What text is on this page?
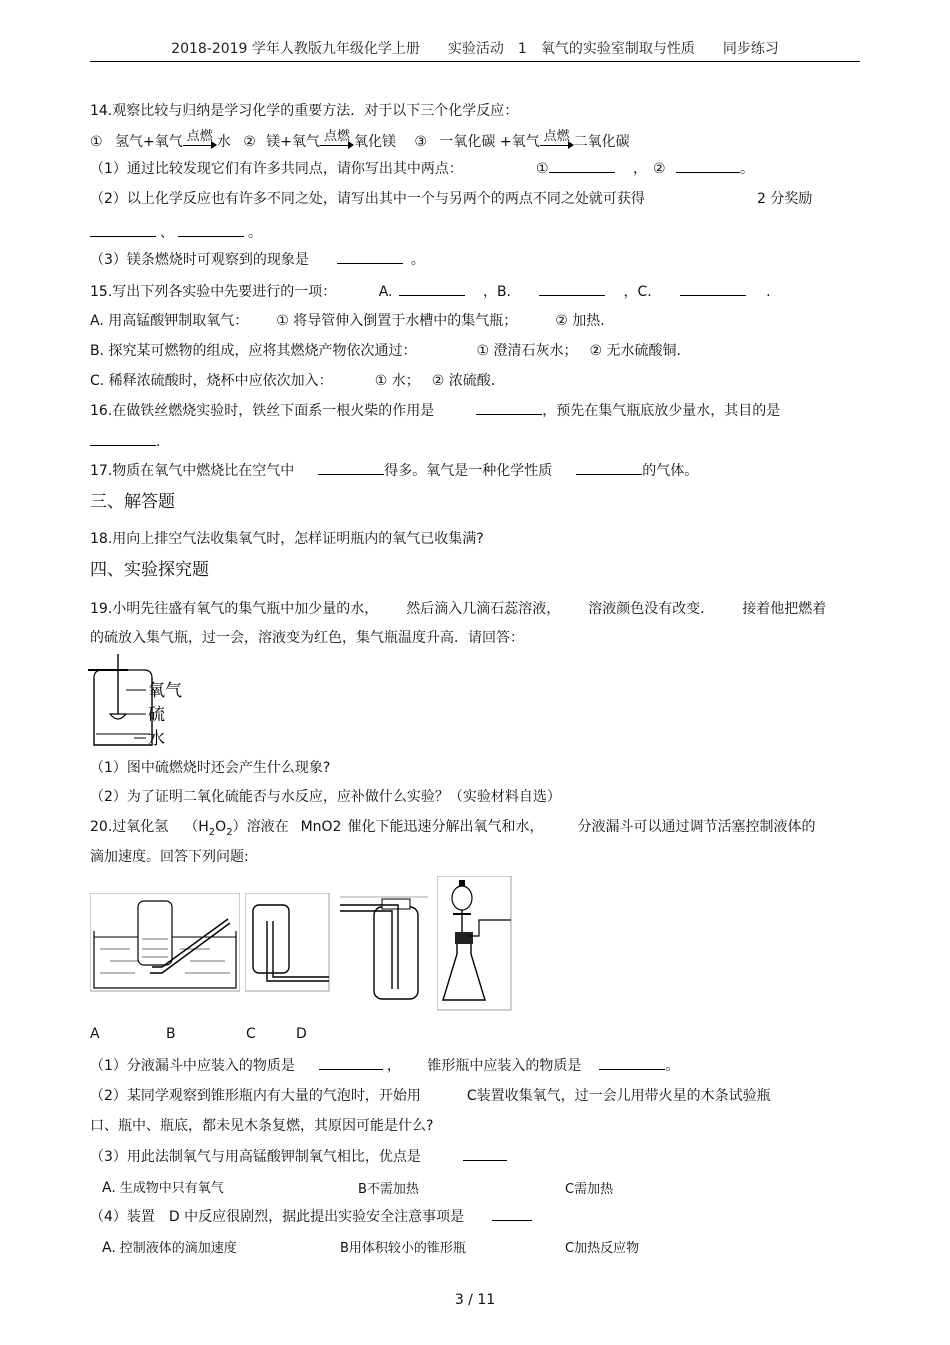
2018-2019 学年人教版九年级化学上册　　实验活动　1　氧气的实验室制取与性质　　同步练习
14.观察比较与归纳是学习化学的重要方法．对于以下三个化学反应：
① 氢气+氧气 点燃 水 ② 镁+氧气 点燃 氧化镁 ③ 一氧化碳 +氧气 点燃 二氧化碳
（1）通过比较发现它们有许多共同点，请你写出其中两点：	①	， ②	。
（2）以上化学反应也有许多不同之处，请写出其中一个与另两个的两点不同之处就可获得	2 分奖励
、	。
（3）镁条燃烧时可观察到的现象是	。
15.写出下列各实验中先要进行的一项：	A.	，B.	，C.	.
A. 用高锰酸钾制取氧气： ① 将导管伸入倒置于水槽中的集气瓶；	② 加热.
B. 探究某可燃物的组成，应将其燃烧产物依次通过：	① 澄清石灰水； ② 无水硫酸铜.
C. 稀释浓硫酸时，烧杯中应依次加入：	① 水； ② 浓硫酸.
16.在做铁丝燃烧实验时，铁丝下面系一根火柴的作用是	，预先在集气瓶底放少量水，其目的是
.
17.物质在氧气中燃烧比在空气中	得多。氧气是一种化学性质	的气体。
三、解答题
18.用向上排空气法收集氧气时，怎样证明瓶内的氧气已收集满?
四、实验探究题
19.小明先往盛有氧气的集气瓶中加少量的水， 然后滴入几滴石蕊溶液， 溶液颜色没有改变． 接着他把燃着
的硫放入集气瓶，过一会，溶液变为红色，集气瓶温度升高．请回答：
氧气
硫
水
（1）图中硫燃烧时还会产生什么现象?
（2）为了证明二氧化硫能否与水反应，应补做什么实验？（实验材料自选）
20.过氧化氢 $(H_2O_2)$溶液在 MnO2 催化下能迅速分解出氧气和水， 分液漏斗可以通过调节活塞控制液体的
滴加速度。回答下列问题:
A	B	C	D
（1）分液漏斗中应装入的物质是	， 锥形瓶中应装入的物质是	。
（2）某同学观察到锥形瓶内有大量的气泡时，开始用	C装置收集氧气，过一会儿用带火星的木条试验瓶
口、瓶中、瓶底，都未见木条复燃，其原因可能是什么?
（3）用此法制氧气与用高锰酸钾制氧气相比，优点是
A. 生成物中只有氧气	B不需加热	C需加热
（4）装置　D 中反应很剧烈，据此提出实验安全注意事项是
A. 控制液体的滴加速度	B用体积较小的锥形瓶	C加热反应物
3 / 11
